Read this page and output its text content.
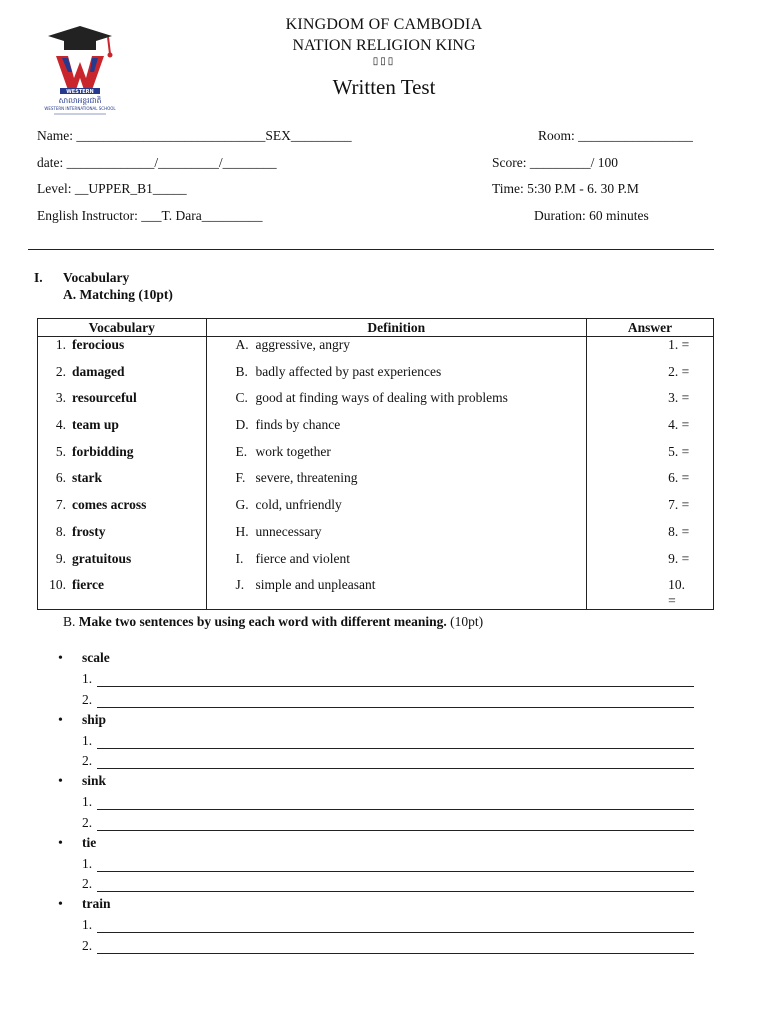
WESTERN
សាលាអន្តរជាតិ
WESTERN INTERNATIONAL SCHOOL
KINGDOM OF CAMBODIA
NATION RELIGION KING
▯▯▯
Written Test
Name: ____________________________SEX_________	Room: _________________
date: _____________/_________/________	Score: _________/ 100
Level: __UPPER_B1_____	Time: 5:30 P.M - 6. 30 P.M
English Instructor: ___T. Dara_________	Duration: 60 minutes
I. Vocabulary
A. Matching (10pt)
Vocabulary	Definition	Answer
1. ferocious	A. aggressive, angry	1. =
2. damaged	B. badly affected by past experiences	2. =
3. resourceful	C. good at finding ways of dealing with problems	3. =
4. team up	D. finds by chance	4. =
5. forbidding	E. work together	5. =
6. stark	F. severe, threatening	6. =
7. comes across	G. cold, unfriendly	7. =
8. frosty	H. unnecessary	8. =
9. gratuitous	I. fierce and violent	9. =
10. fierce	J. simple and unpleasant	10. =
B. Make two sentences by using each word with different meaning. (10pt)
• scale
1.
2.
• ship
1.
2.
• sink
1.
2.
• tie
1.
2.
• train
1.
2.
